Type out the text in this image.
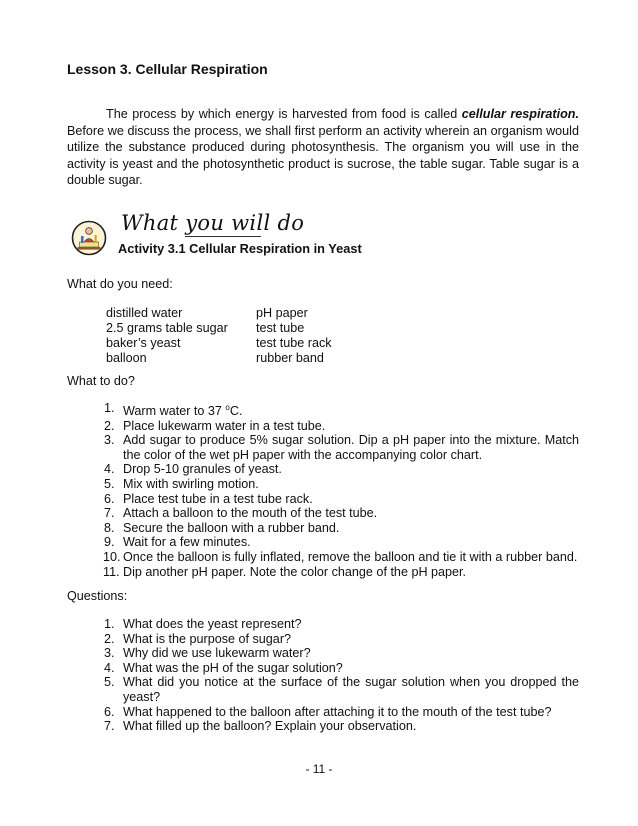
Lesson 3. Cellular Respiration

The process by which energy is harvested from food is called cellular respiration. Before we discuss the process, we shall first perform an activity wherein an organism would utilize the substance produced during photosynthesis. The organism you will use in the activity is yeast and the photosynthetic product is sucrose, the table sugar. Table sugar is a double sugar.

What you will do
Activity 3.1 Cellular Respiration in Yeast
What do you need:
distilled water
2.5 grams table sugar
baker’s yeast
balloon
pH paper
test tube
test tube rack
rubber band
What to do?
1. Warm water to 37 $^o$C.
2. Place lukewarm water in a test tube.
3. Add sugar to produce 5% sugar solution. Dip a pH paper into the mixture. Match the color of the wet pH paper with the accompanying color chart.
4. Drop 5-10 granules of yeast.
5. Mix with swirling motion.
6. Place test tube in a test tube rack.
7. Attach a balloon to the mouth of the test tube.
8. Secure the balloon with a rubber band.
9. Wait for a few minutes.
10. Once the balloon is fully inflated, remove the balloon and tie it with a rubber band.
11. Dip another pH paper. Note the color change of the pH paper.
Questions:
1. What does the yeast represent?
2. What is the purpose of sugar?
3. Why did we use lukewarm water?
4. What was the pH of the sugar solution?
5. What did you notice at the surface of the sugar solution when you dropped the yeast?
6. What happened to the balloon after attaching it to the mouth of the test tube?
7. What filled up the balloon? Explain your observation.
- 11 -
